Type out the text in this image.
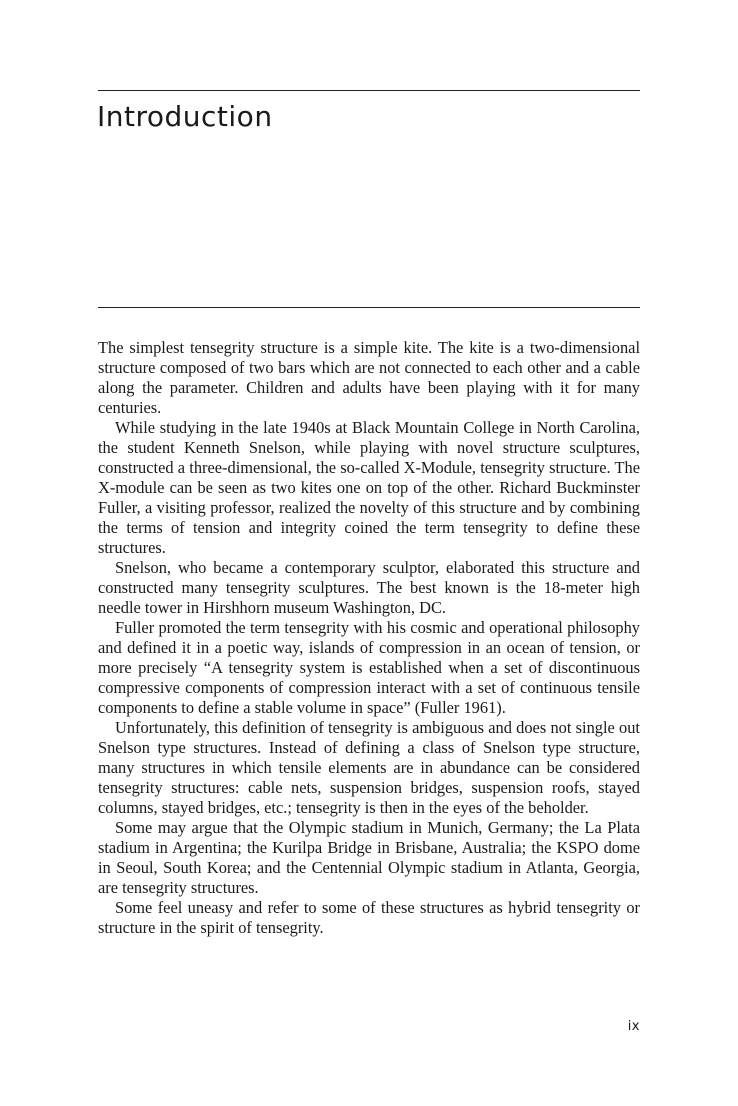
Introduction

The simplest tensegrity structure is a simple kite. The kite is a two-dimensional structure composed of two bars which are not connected to each other and a cable along the parameter. Children and adults have been playing with it for many centuries.

While studying in the late 1940s at Black Mountain College in North Carolina, the student Kenneth Snelson, while playing with novel structure sculptures, constructed a three-dimensional, the so-called X-Module, tensegrity structure. The X-module can be seen as two kites one on top of the other. Richard Buckminster Fuller, a visiting professor, realized the novelty of this structure and by combining the terms of tension and integrity coined the term tensegrity to define these structures.

Snelson, who became a contemporary sculptor, elaborated this structure and constructed many tensegrity sculptures. The best known is the 18-meter high needle tower in Hirshhorn museum Washington, DC.

Fuller promoted the term tensegrity with his cosmic and operational philosophy and defined it in a poetic way, islands of compression in an ocean of tension, or more precisely “A tensegrity system is established when a set of discontinuous compressive components of compression interact with a set of continuous tensile components to define a stable volume in space” (Fuller 1961).

Unfortunately, this definition of tensegrity is ambiguous and does not single out Snelson type structures. Instead of defining a class of Snelson type structure, many structures in which tensile elements are in abundance can be considered tensegrity structures: cable nets, suspension bridges, suspension roofs, stayed columns, stayed bridges, etc.; tensegrity is then in the eyes of the beholder.

Some may argue that the Olympic stadium in Munich, Germany; the La Plata stadium in Argentina; the Kurilpa Bridge in Brisbane, Australia; the KSPO dome in Seoul, South Korea; and the Centennial Olympic stadium in Atlanta, Georgia, are tensegrity structures.

Some feel uneasy and refer to some of these structures as hybrid tensegrity or structure in the spirit of tensegrity.

ix
